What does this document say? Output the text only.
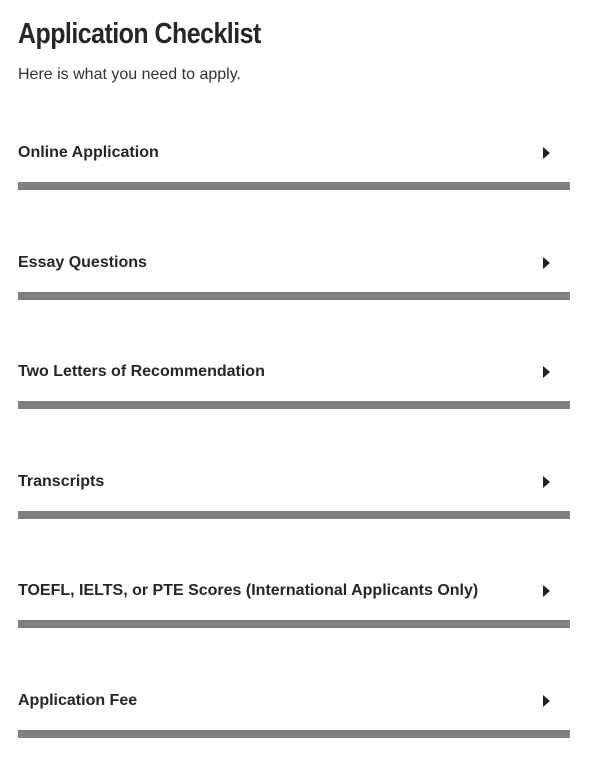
Application Checklist

Here is what you need to apply.

Online Application
Essay Questions
Two Letters of Recommendation
Transcripts
TOEFL, IELTS, or PTE Scores (International Applicants Only)
Application Fee
